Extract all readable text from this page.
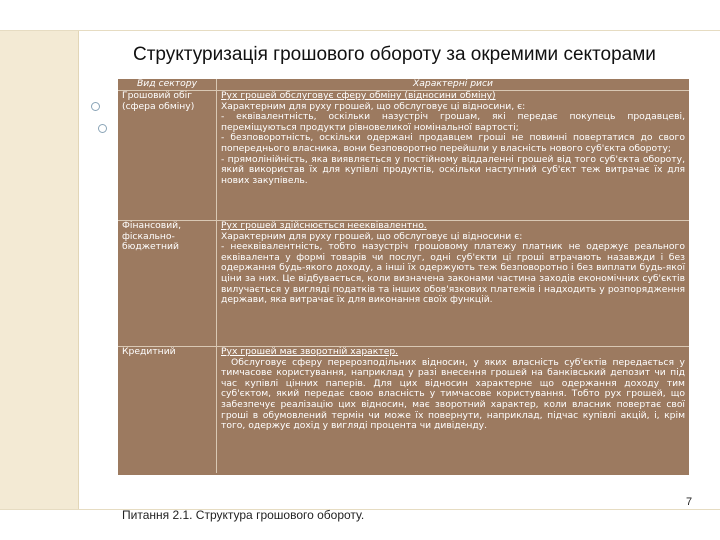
Структуризація грошового обороту за окремими секторами
Вид сектору	Характерні риси
Грошовий обіг (сфера обміну)	Рух грошей обслуговує сферу обміну (відносини обміну)

Характерним для руху грошей, що обслуговує ці відносини, є:

- еквівалентність, оскільки назустріч грошам, які передає покупець продавцеві, переміщуються продукти рівновеликої номінальної вартості;

- безповоротність, оскільки одержані продавцем гроші не повинні повертатися до свого попереднього власника, вони безповоротно перейшли у власність нового суб'єкта обороту;

- прямолінійність, яка виявляється у постійному віддаленні грошей від того суб'єкта обороту, який використав їх для купівлі продуктів, оскільки наступний суб'єкт теж витрачає їх для нових закупівель.

Фінансовий, фіскально-бюджетний	Рух грошей здійснюється нееквівалентно.

Характерним для руху грошей, що обслуговує ці відносини є:

- нееквівалентність, тобто назустріч грошовому платежу платник не одержує реального еквівалента у формі товарів чи послуг, одні суб'єкти ці гроші втрачають назавжди і без одержання будь-якого доходу, а інші їх одержують теж безповоротно і без виплати будь-якої ціни за них. Це відбувається, коли визначена законами частина заходів економічних суб'єктів вилучається у вигляді податків та інших обов'язкових платежів і надходить у розпорядження держави, яка витрачає їх для виконання своїх функцій.

Кредитний	Рух грошей має зворотній характер.

Обслуговує сферу перерозподільних відносин, у яких власність суб'єктів передається у тимчасове користування, наприклад у разі внесення грошей на банківський депозит чи під час купівлі цінних паперів. Для цих відносин характерне що одержання доходу тим суб'єктом, який передає свою власність у тимчасове користування. Тобто рух грошей, що забезпечує реалізацію цих відносин, має зворотний характер, коли власник повертає свої гроші в обумовлений термін чи може їх повернути, наприклад, підчас купівлі акцій, і, крім того, одержує дохід у вигляді процента чи дивіденду.

Питання 2.1. Структура грошового обороту.
7
